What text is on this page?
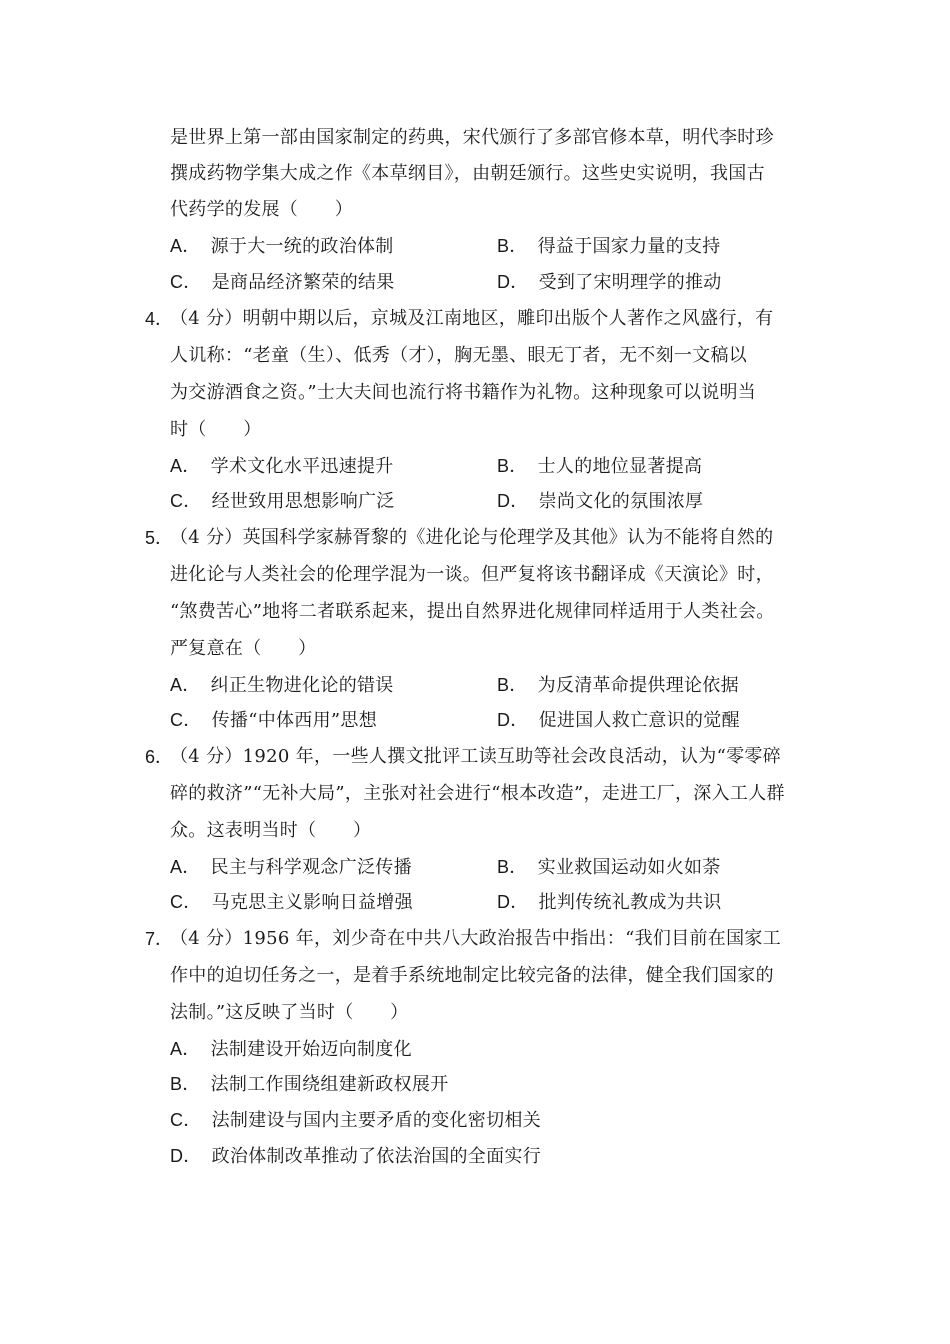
是世界上第一部由国家制定的药典，宋代颁行了多部官修本草，明代李时珍
撰成药物学集大成之作《本草纲目》，由朝廷颁行。这些史实说明，我国古
代药学的发展（　　）
A． 源于大一统的政治体制	B． 得益于国家力量的支持
C． 是商品经济繁荣的结果	D． 受到了宋明理学的推动
4．
（4 分）明朝中期以后，京城及江南地区，雕印出版个人著作之风盛行，有
人讥称：“老童（生）、低秀（才），胸无墨、眼无丁者，无不刻一文稿以
为交游酒食之资。”士大夫间也流行将书籍作为礼物。这种现象可以说明当
时（　　）
A． 学术文化水平迅速提升	B． 士人的地位显著提高
C． 经世致用思想影响广泛	D． 崇尚文化的氛围浓厚
5．
（4 分）英国科学家赫胥黎的《进化论与伦理学及其他》认为不能将自然的
进化论与人类社会的伦理学混为一谈。但严复将该书翻译成《天演论》时，
“煞费苦心”地将二者联系起来，提出自然界进化规律同样适用于人类社会。
严复意在（　　）
A． 纠正生物进化论的错误	B． 为反清革命提供理论依据
C． 传播“中体西用”思想	D． 促进国人救亡意识的觉醒
6．
（4 分）1920 年，一些人撰文批评工读互助等社会改良活动，认为“零零碎
碎的救济”“无补大局”，主张对社会进行“根本改造”，走进工厂，深入工人群
众。这表明当时（　　）
A． 民主与科学观念广泛传播	B． 实业救国运动如火如荼
C． 马克思主义影响日益增强	D． 批判传统礼教成为共识
7．
（4 分）1956 年，刘少奇在中共八大政治报告中指出：“我们目前在国家工
作中的迫切任务之一，是着手系统地制定比较完备的法律，健全我们国家的
法制。”这反映了当时（　　）
A． 法制建设开始迈向制度化
B． 法制工作围绕组建新政权展开
C． 法制建设与国内主要矛盾的变化密切相关
D． 政治体制改革推动了依法治国的全面实行
